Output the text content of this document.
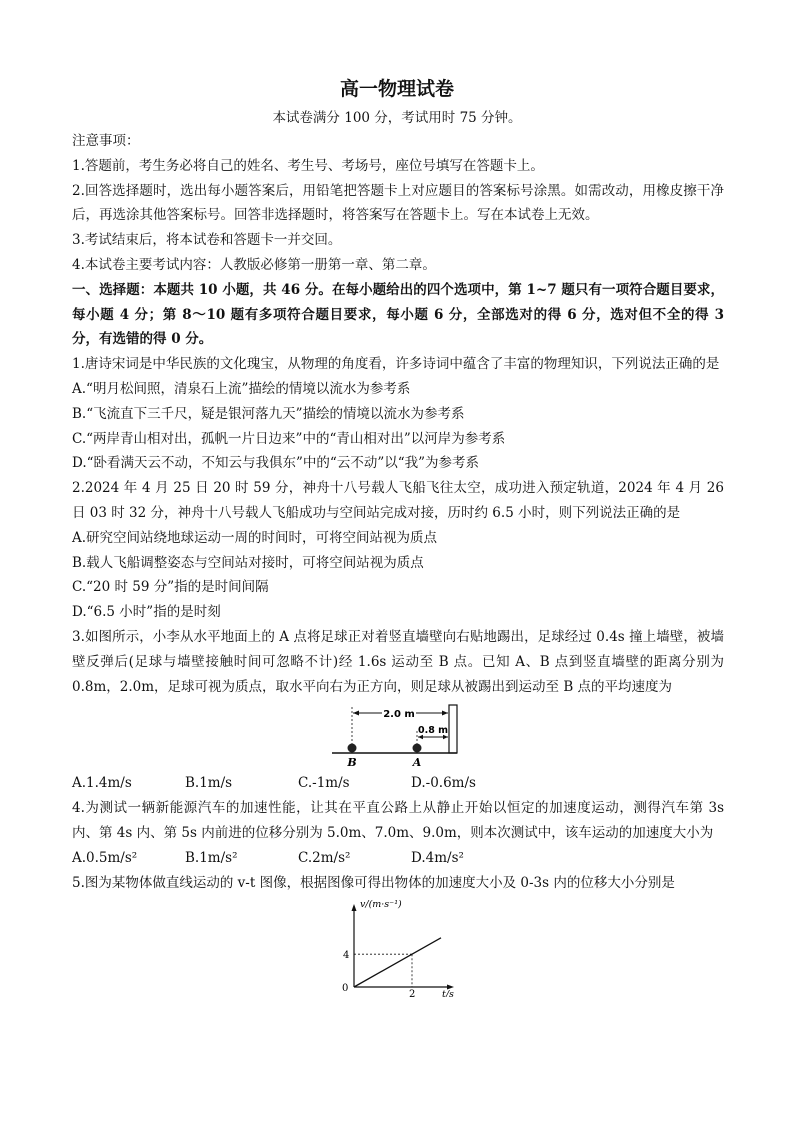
高一物理试卷
本试卷满分 100 分，考试用时 75 分钟。

注意事项：

1.答题前，考生务必将自己的姓名、考生号、考场号，座位号填写在答题卡上。

2.回答选择题时，选出每小题答案后，用铅笔把答题卡上对应题目的答案标号涂黑。如需改动，用橡皮擦干净后，再选涂其他答案标号。回答非选择题时，将答案写在答题卡上。写在本试卷上无效。

3.考试结束后，将本试卷和答题卡一并交回。

4.本试卷主要考试内容：人教版必修第一册第一章、第二章。

一、选择题：本题共 10 小题，共 46 分。在每小题给出的四个选项中，第 1~7 题只有一项符合题目要求，每小题 4 分；第 8～10 题有多项符合题目要求，每小题 6 分，全部选对的得 6 分，选对但不全的得 3 分，有选错的得 0 分。

1.唐诗宋词是中华民族的文化瑰宝，从物理的角度看，许多诗词中蕴含了丰富的物理知识，下列说法正确的是

A.“明月松间照，清泉石上流”描绘的情境以流水为参考系

B.“飞流直下三千尺，疑是银河落九天”描绘的情境以流水为参考系

C.“两岸青山相对出，孤帆一片日边来”中的“青山相对出”以河岸为参考系

D.“卧看满天云不动，不知云与我俱东”中的“云不动”以“我”为参考系

2.2024 年 4 月 25 日 20 时 59 分，神舟十八号载人飞船飞往太空，成功进入预定轨道，2024 年 4 月 26 日 03 时 32 分，神舟十八号载人飞船成功与空间站完成对接，历时约 6.5 小时，则下列说法正确的是

A.研究空间站绕地球运动一周的时间时，可将空间站视为质点

B.载人飞船调整姿态与空间站对接时，可将空间站视为质点

C.“20 时 59 分”指的是时间间隔

D.“6.5 小时”指的是时刻

3.如图所示，小李从水平地面上的 A 点将足球正对着竖直墙壁向右贴地踢出，足球经过 0.4s 撞上墙壁，被墙壁反弹后(足球与墙壁接触时间可忽略不计)经 1.6s 运动至 B 点。已知 A、B 点到竖直墙壁的距离分别为 0.8m，2.0m，足球可视为质点，取水平向右为正方向，则足球从被踢出到运动至 B 点的平均速度为

2.0 m
0.8 m
B	A
A.1.4m/s	B.1m/s	C.-1m/s	D.-0.6m/s

4.为测试一辆新能源汽车的加速性能，让其在平直公路上从静止开始以恒定的加速度运动，测得汽车第 3s 内、第 4s 内、第 5s 内前进的位移分别为 5.0m、7.0m、9.0m，则本次测试中，该车运动的加速度大小为

A.0.5m/s²	B.1m/s²	C.2m/s²	D.4m/s²

5.图为某物体做直线运动的 v-t 图像，根据图像可得出物体的加速度大小及 0-3s 内的位移大小分别是

v/(m·s⁻¹)
t/s
0
4
2
